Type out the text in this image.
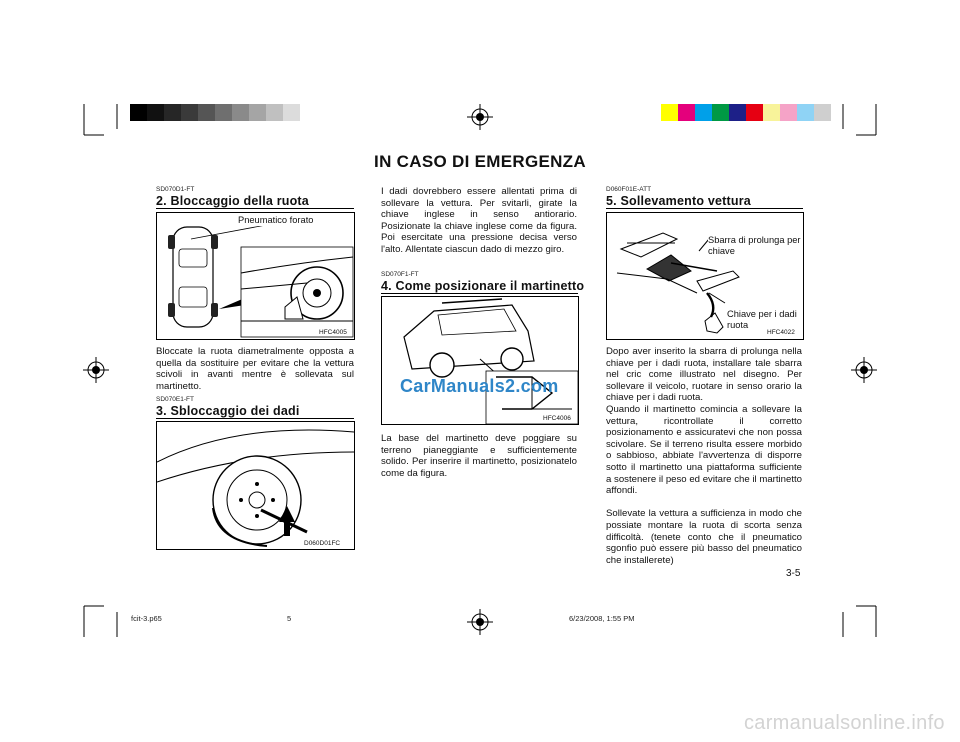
IN CASO DI EMERGENZA
SD070D1-FT
2. Bloccaggio della ruota
Pneumatico forato
HFC4005
Bloccate la ruota diametralmente opposta a quella da sostituire per evitare che la vettura scivoli in avanti mentre è sollevata sul martinetto.
SD070E1-FT
3. Sbloccaggio dei dadi
D060D01FC
I dadi dovrebbero essere allentati prima di sollevare la vettura. Per svitarli, girate la chiave inglese in senso antiorario. Posizionate la chiave inglese come da figura. Poi esercitate una pressione decisa verso l'alto. Allentate ciascun dado di mezzo giro.
SD070F1-FT
4. Come posizionare il martinetto
CarManuals2.com
HFC4006
La base del martinetto deve poggiare su terreno pianeggiante e sufficientemente solido. Per inserire il martinetto, posizionatelo come da figura.
D060F01E-ATT
5. Sollevamento vettura
Sbarra di prolunga per chiave
Chiave per i dadi ruota
HFC4022

Dopo aver inserito la sbarra di prolunga nella chiave per i dadi ruota, installare tale sbarra nel cric come illustrato nel disegno. Per sollevare il veicolo, ruotare in senso orario la chiave per i dadi ruota.

Quando il martinetto comincia a sollevare la vettura, ricontrollate il corretto posizionamento e assicuratevi che non possa scivolare. Se il terreno risulta essere morbido o sabbioso, abbiate l'avvertenza di disporre sotto il martinetto una piattaforma sufficiente a sostenere il peso ed evitare che il martinetto affondi.

Sollevate la vettura a sufficienza in modo che possiate montare la ruota di scorta senza difficoltà. (tenete conto che il pneumatico sgonfio può essere più basso del pneumatico che installerete)

3-5
fcit-3.p65	5	6/23/2008, 1:55 PM
carmanualsonline.info
